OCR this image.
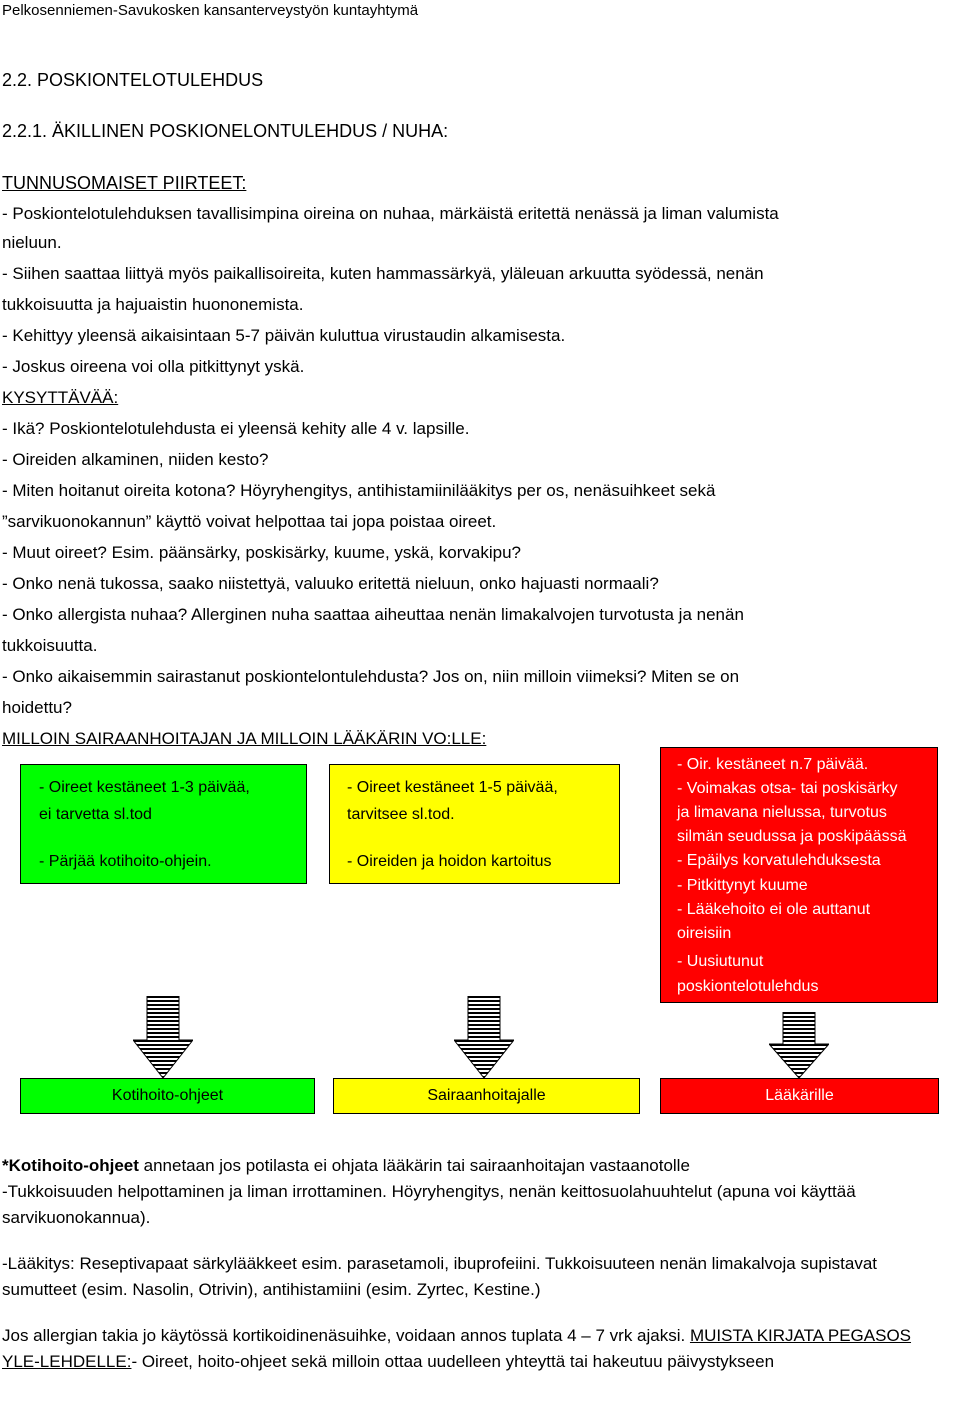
Pelkosenniemen-Savukosken kansanterveystyön kuntayhtymä
2.2. POSKIONTELOTULEHDUS
2.2.1. ÄKILLINEN POSKIONELONTULEHDUS / NUHA:
TUNNUSOMAISET PIIRTEET:
- Poskiontelotulehduksen tavallisimpina oireina on nuhaa, märkäistä eritettä nenässä ja liman valumista
nieluun.
- Siihen saattaa liittyä myös paikallisoireita, kuten hammassärkyä, yläleuan arkuutta syödessä, nenän
tukkoisuutta ja hajuaistin huononemista.
- Kehittyy yleensä aikaisintaan 5-7 päivän kuluttua virustaudin alkamisesta.
- Joskus oireena voi olla pitkittynyt yskä.
KYSYTTÄVÄÄ:
- Ikä? Poskiontelotulehdusta ei yleensä kehity alle 4 v. lapsille.
- Oireiden alkaminen, niiden kesto?
- Miten hoitanut oireita kotona? Höyryhengitys, antihistamiinilääkitys per os, nenäsuihkeet sekä
”sarvikuonokannun” käyttö voivat helpottaa tai jopa poistaa oireet.
- Muut oireet? Esim. päänsärky, poskisärky, kuume, yskä, korvakipu?
- Onko nenä tukossa, saako niistettyä, valuuko eritettä nieluun, onko hajuasti normaali?
- Onko allergista nuhaa? Allerginen nuha saattaa aiheuttaa nenän limakalvojen turvotusta ja nenän
tukkoisuutta.
- Onko aikaisemmin sairastanut poskiontelontulehdusta? Jos on, niin milloin viimeksi? Miten se on
hoidettu?
MILLOIN SAIRAANHOITAJAN JA MILLOIN LÄÄKÄRIN VO:LLE:
- Oireet kestäneet 1-3 päivää,
ei tarvetta sl.tod
- Pärjää kotihoito-ohjein.
- Oireet kestäneet 1-5 päivää,
tarvitsee sl.tod.
- Oireiden ja hoidon kartoitus
- Oir. kestäneet n.7 päivää.
- Voimakas otsa- tai poskisärky
ja limavana nielussa, turvotus
silmän seudussa ja poskipäässä
- Epäilys korvatulehduksesta
- Pitkittynyt kuume
- Lääkehoito ei ole auttanut
oireisiin
- Uusiutunut
poskiontelotulehdus
Kotihoito-ohjeet	Sairaanhoitajalle	Lääkärille

*Kotihoito-ohjeet annetaan jos potilasta ei ohjata lääkärin tai sairaanhoitajan vastaanotolle

-Tukkoisuuden helpottaminen ja liman irrottaminen. Höyryhengitys, nenän keittosuolahuuhtelut (apuna voi käyttää sarvikuonokannua).

-Lääkitys: Reseptivapaat särkylääkkeet esim. parasetamoli, ibuprofeiini. Tukkoisuuteen nenän limakalvoja supistavat sumutteet (esim. Nasolin, Otrivin), antihistamiini (esim. Zyrtec, Kestine.)

Jos allergian takia jo käytössä kortikoidinenäsuihke, voidaan annos tuplata 4 – 7 vrk ajaksi. MUISTA KIRJATA PEGASOS YLE-LEHDELLE:- Oireet, hoito-ohjeet sekä milloin ottaa uudelleen yhteyttä tai hakeutuu päivystykseen
